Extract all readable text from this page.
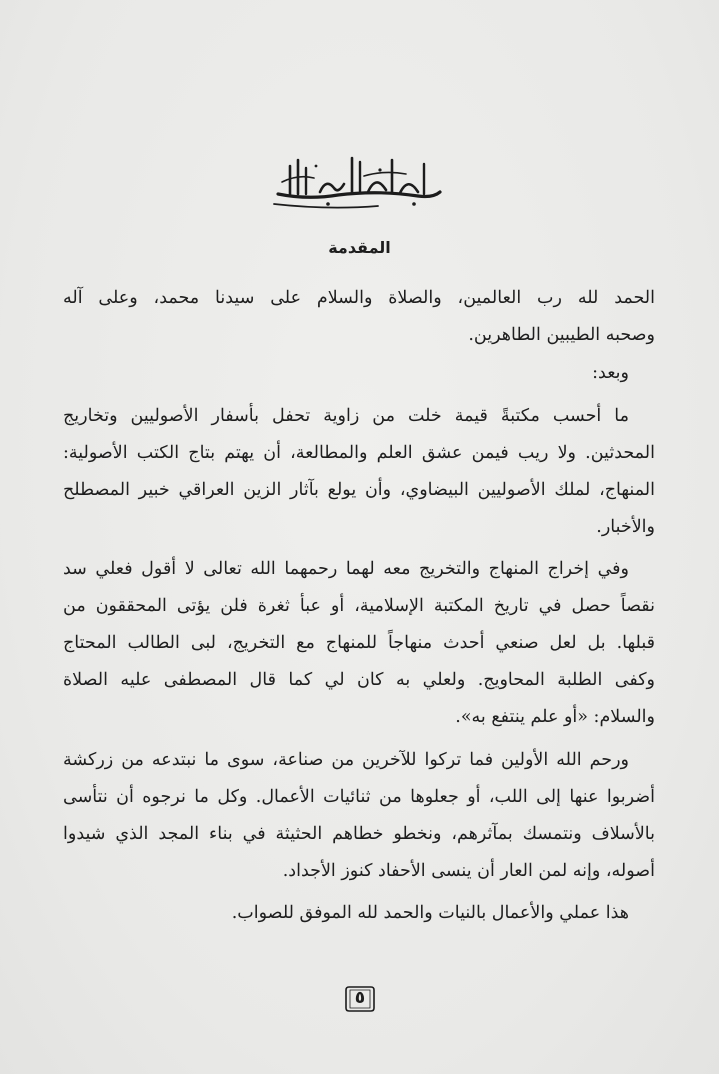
المقدمة
الحمد لله رب العالمين، والصلاة والسلام على سيدنا محمد، وعلى آله
وصحبه الطيبين الطاهرين.
وبعد:
ما أحسب مكتبةً قيمة خلت من زاوية تحفل بأسفار الأصوليين وتخاريج
المحدثين. ولا ريب فيمن عشق العلم والمطالعة، أن يهتم بتاج الكتب الأصولية:
المنهاج، لملك الأصوليين البيضاوي، وأن يولع بآثار الزين العراقي خبير المصطلح
والأخبار.
وفي إخراج المنهاج والتخريج معه لهما رحمهما الله تعالى لا أقول فعلي سد
نقصاً حصل في تاريخ المكتبة الإسلامية، أو عبأ ثغرة فلن يؤتى المحققون من
قبلها. بل لعل صنعي أحدث منهاجاً للمنهاج مع التخريج، لبى الطالب المحتاج
وكفى الطلبة المحاويج. ولعلي به كان لي كما قال المصطفى عليه الصلاة
والسلام: «أو علم ينتفع به».
ورحم الله الأولين فما تركوا للآخرين من صناعة، سوى ما نبتدعه من زركشة
أضربوا عنها إلى اللب، أو جعلوها من ثنائيات الأعمال. وكل ما نرجوه أن نتأسى
بالأسلاف ونتمسك بمآثرهم، ونخطو خطاهم الحثيثة في بناء المجد الذي شيدوا
أصوله، وإنه لمن العار أن ينسى الأحفاد كنوز الأجداد.
هذا عملي والأعمال بالنيات والحمد لله الموفق للصواب.
٥
